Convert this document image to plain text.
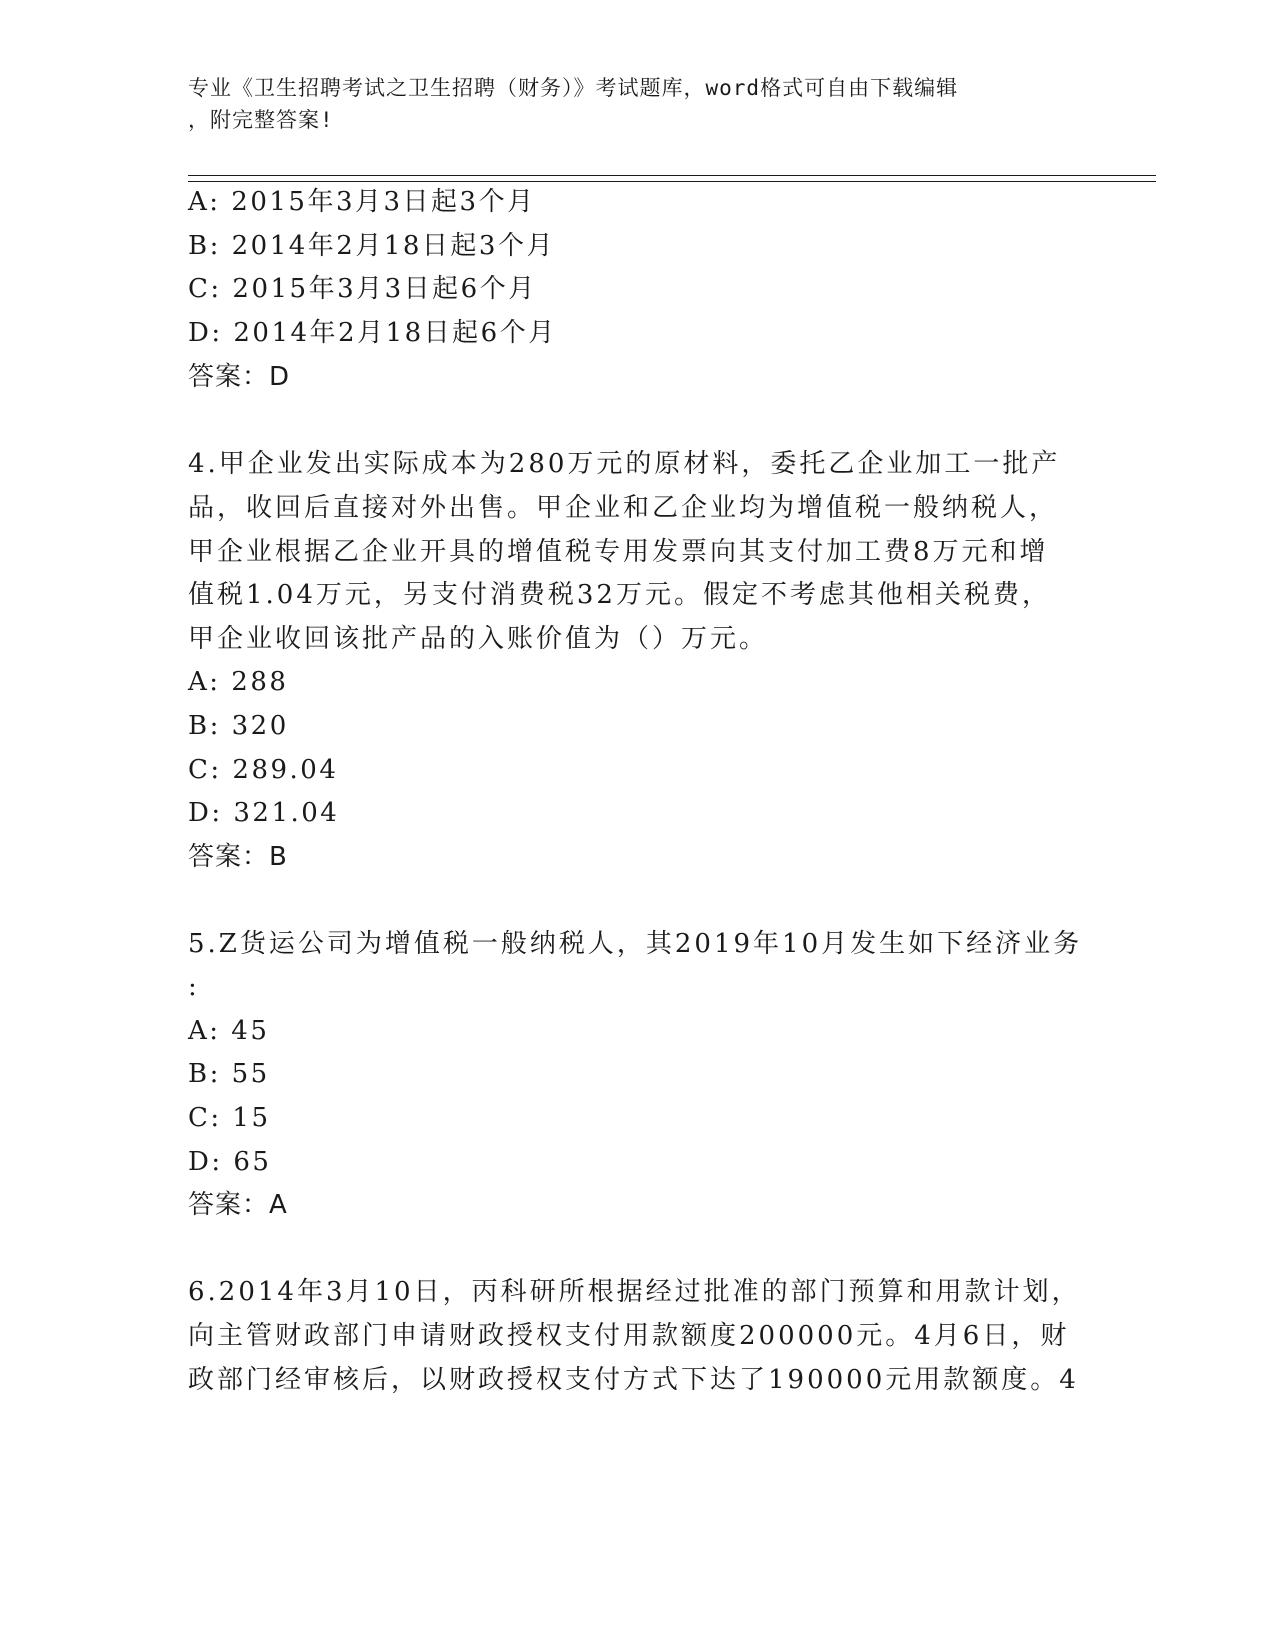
专业《卫生招聘考试之卫生招聘（财务）》考试题库，word格式可自由下载编辑
，附完整答案!
A: 2015年3月3日起3个月
B: 2014年2月18日起3个月
C: 2015年3月3日起6个月
D: 2014年2月18日起6个月
答案：D
4.甲企业发出实际成本为280万元的原材料，委托乙企业加工一批产
品，收回后直接对外出售。甲企业和乙企业均为增值税一般纳税人，
甲企业根据乙企业开具的增值税专用发票向其支付加工费8万元和增
值税1.04万元，另支付消费税32万元。假定不考虑其他相关税费，
甲企业收回该批产品的入账价值为（）万元。
A: 288
B: 320
C: 289.04
D: 321.04
答案：B
5.Z货运公司为增值税一般纳税人，其2019年10月发生如下经济业务
:
A: 45
B: 55
C: 15
D: 65
答案：A
6.2014年3月10日，丙科研所根据经过批准的部门预算和用款计划，
向主管财政部门申请财政授权支付用款额度200000元。4月6日，财
政部门经审核后，以财政授权支付方式下达了190000元用款额度。4
